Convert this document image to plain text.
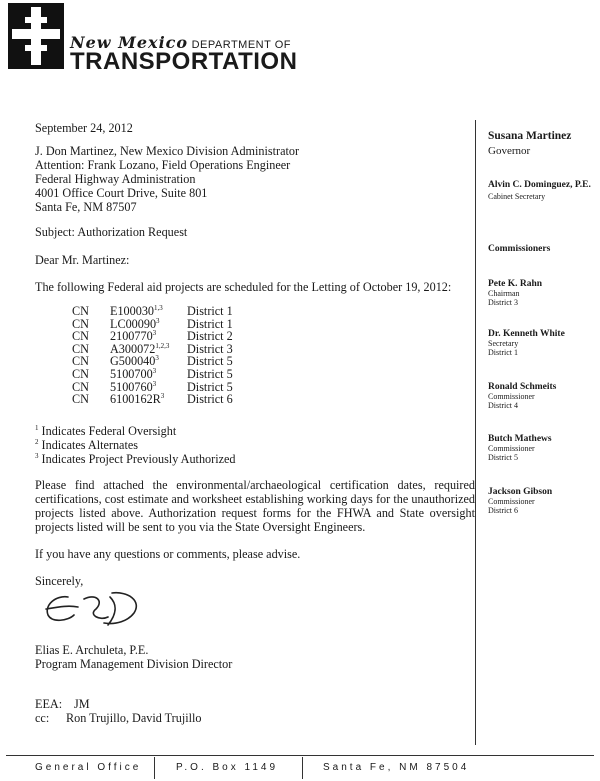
New Mexico DEPARTMENT OF
TRANSPORTATION
Susana Martinez
Governor
Alvin C. Dominguez, P.E.
Cabinet Secretary
Commissioners
Pete K. Rahn
Chairman
District 3
Dr. Kenneth White
Secretary
District 1
Ronald Schmeits
Commissioner
District 4
Butch Mathews
Commissioner
District 5
Jackson Gibson
Commissioner
District 6
September 24, 2012
J. Don Martinez, New Mexico Division Administrator
Attention: Frank Lozano, Field Operations Engineer
Federal Highway Administration
4001 Office Court Drive, Suite 801
Santa Fe, NM 87507
Subject: Authorization Request
Dear Mr. Martinez:
The following Federal aid projects are scheduled for the Letting of October 19, 2012:
CN	E100030$^{1,3}$	District 1
CN	LC00090$^3$	District 1
CN	2100770$^3$	District 2
CN	A300072$^{1,2,3}$	District 3
CN	G500040$^3$	District 5
CN	5100700$^3$	District 5
CN	5100760$^3$	District 5
CN	$6100162R^3$	District 6
$^1$ Indicates Federal Oversight
$^2$ Indicates Alternates
$^3$ Indicates Project Previously Authorized
Please find attached the environmental/archaeological certification dates, required certifications, cost estimate and worksheet establishing working days for the unauthorized projects listed above. Authorization request forms for the FHWA and State oversight projects listed will be sent to you via the State Oversight Engineers.
If you have any questions or comments, please advise.
Sincerely,
Elias E. Archuleta, P.E.
Program Management Division Director
EEA: JM
cc: Ron Trujillo, David Trujillo
General Office	P.O. Box 1149	Santa Fe, NM 87504
